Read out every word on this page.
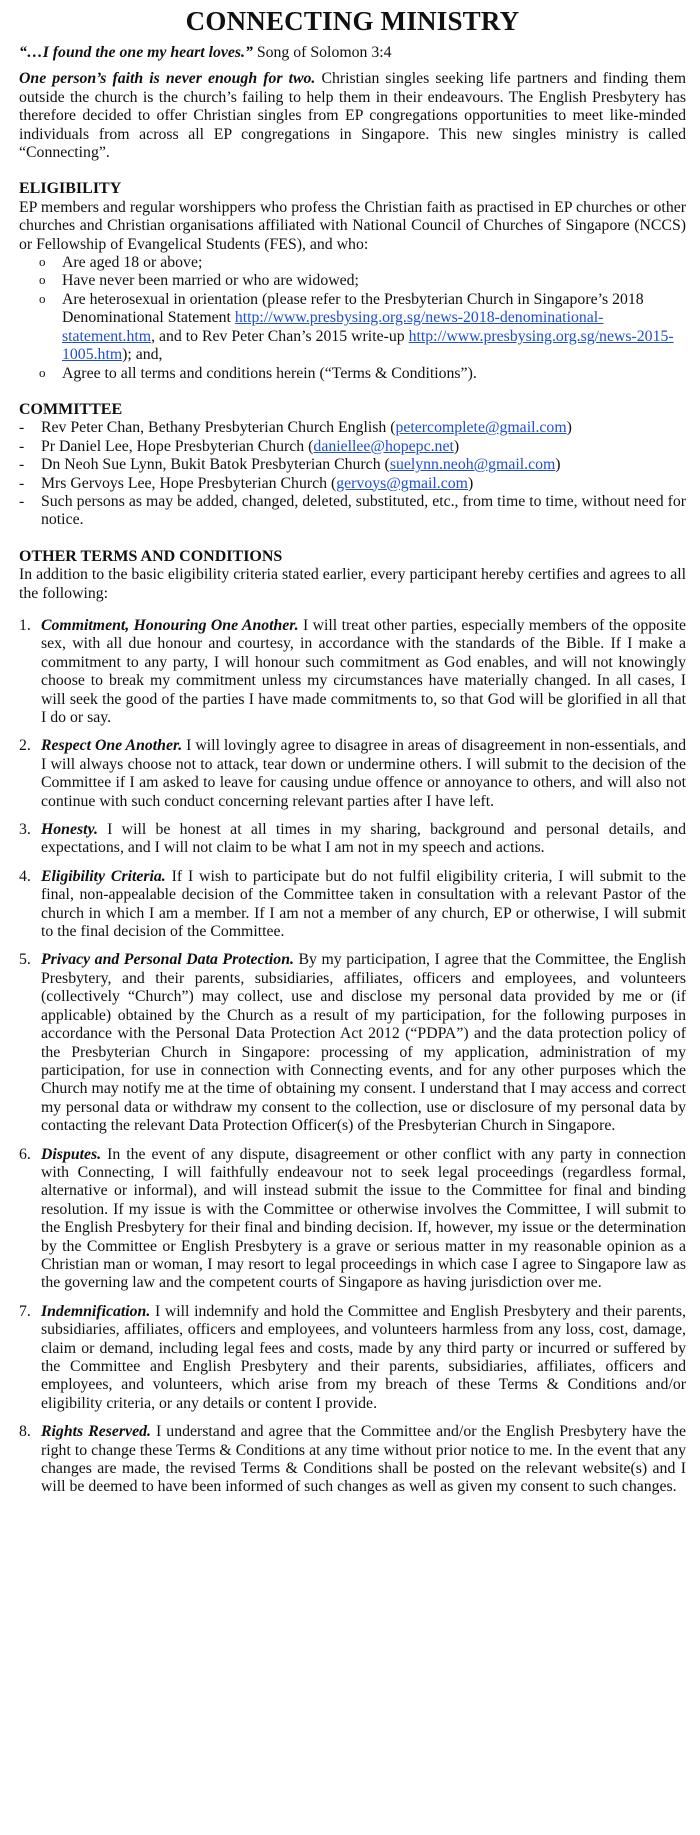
CONNECTING MINISTRY

“…I found the one my heart loves.” Song of Solomon 3:4

One person’s faith is never enough for two. Christian singles seeking life partners and finding them outside the church is the church’s failing to help them in their endeavours. The English Presbytery has therefore decided to offer Christian singles from EP congregations opportunities to meet like-minded individuals from across all EP congregations in Singapore. This new singles ministry is called “Connecting”.

ELIGIBILITY

EP members and regular worshippers who profess the Christian faith as practised in EP churches or other churches and Christian organisations affiliated with National Council of Churches of Singapore (NCCS) or Fellowship of Evangelical Students (FES), and who:

o Are aged 18 or above;
o Have never been married or who are widowed;
o Are heterosexual in orientation (please refer to the Presbyterian Church in Singapore’s 2018 Denominational Statement http://www.presbysing.org.sg/news-2018-denominational-statement.htm, and to Rev Peter Chan’s 2015 write-up http://www.presbysing.org.sg/news-2015-1005.htm); and,
o Agree to all terms and conditions herein (“Terms & Conditions”).
COMMITTEE
- Rev Peter Chan, Bethany Presbyterian Church English (petercomplete@gmail.com)
- Pr Daniel Lee, Hope Presbyterian Church (daniellee@hopepc.net)
- Dn Neoh Sue Lynn, Bukit Batok Presbyterian Church (suelynn.neoh@gmail.com)
- Mrs Gervoys Lee, Hope Presbyterian Church (gervoys@gmail.com)
- Such persons as may be added, changed, deleted, substituted, etc., from time to time, without need for notice.
OTHER TERMS AND CONDITIONS

In addition to the basic eligibility criteria stated earlier, every participant hereby certifies and agrees to all the following:

1. Commitment, Honouring One Another. I will treat other parties, especially members of the opposite sex, with all due honour and courtesy, in accordance with the standards of the Bible. If I make a commitment to any party, I will honour such commitment as God enables, and will not knowingly choose to break my commitment unless my circumstances have materially changed. In all cases, I will seek the good of the parties I have made commitments to, so that God will be glorified in all that I do or say.
2. Respect One Another. I will lovingly agree to disagree in areas of disagreement in non-essentials, and I will always choose not to attack, tear down or undermine others. I will submit to the decision of the Committee if I am asked to leave for causing undue offence or annoyance to others, and will also not continue with such conduct concerning relevant parties after I have left.
3. Honesty. I will be honest at all times in my sharing, background and personal details, and expectations, and I will not claim to be what I am not in my speech and actions.
4. Eligibility Criteria. If I wish to participate but do not fulfil eligibility criteria, I will submit to the final, non-appealable decision of the Committee taken in consultation with a relevant Pastor of the church in which I am a member. If I am not a member of any church, EP or otherwise, I will submit to the final decision of the Committee.
5. Privacy and Personal Data Protection. By my participation, I agree that the Committee, the English Presbytery, and their parents, subsidiaries, affiliates, officers and employees, and volunteers (collectively “Church”) may collect, use and disclose my personal data provided by me or (if applicable) obtained by the Church as a result of my participation, for the following purposes in accordance with the Personal Data Protection Act 2012 (“PDPA”) and the data protection policy of the Presbyterian Church in Singapore: processing of my application, administration of my participation, for use in connection with Connecting events, and for any other purposes which the Church may notify me at the time of obtaining my consent. I understand that I may access and correct my personal data or withdraw my consent to the collection, use or disclosure of my personal data by contacting the relevant Data Protection Officer(s) of the Presbyterian Church in Singapore.
6. Disputes. In the event of any dispute, disagreement or other conflict with any party in connection with Connecting, I will faithfully endeavour not to seek legal proceedings (regardless formal, alternative or informal), and will instead submit the issue to the Committee for final and binding resolution. If my issue is with the Committee or otherwise involves the Committee, I will submit to the English Presbytery for their final and binding decision. If, however, my issue or the determination by the Committee or English Presbytery is a grave or serious matter in my reasonable opinion as a Christian man or woman, I may resort to legal proceedings in which case I agree to Singapore law as the governing law and the competent courts of Singapore as having jurisdiction over me.
7. Indemnification. I will indemnify and hold the Committee and English Presbytery and their parents, subsidiaries, affiliates, officers and employees, and volunteers harmless from any loss, cost, damage, claim or demand, including legal fees and costs, made by any third party or incurred or suffered by the Committee and English Presbytery and their parents, subsidiaries, affiliates, officers and employees, and volunteers, which arise from my breach of these Terms & Conditions and/or eligibility criteria, or any details or content I provide.
8. Rights Reserved. I understand and agree that the Committee and/or the English Presbytery have the right to change these Terms & Conditions at any time without prior notice to me. In the event that any changes are made, the revised Terms & Conditions shall be posted on the relevant website(s) and I will be deemed to have been informed of such changes as well as given my consent to such changes.
